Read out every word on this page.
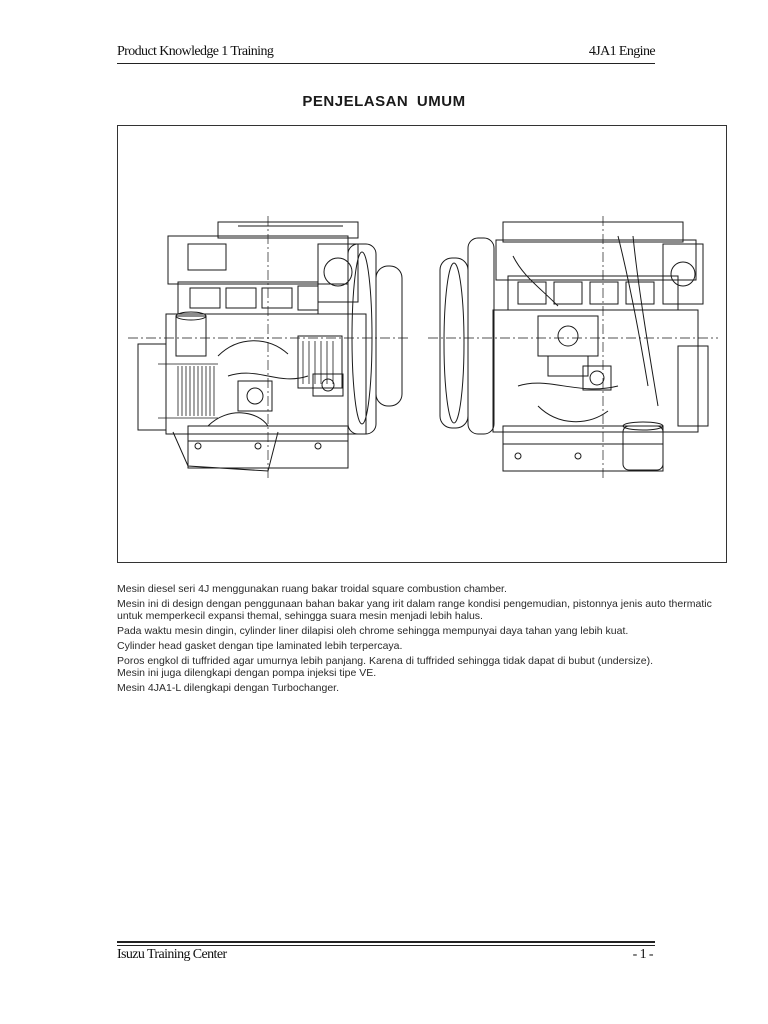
Product Knowledge 1 Training	4JA1 Engine
PENJELASAN UMUM

Mesin diesel seri 4J menggunakan ruang bakar troidal square combustion chamber.

Mesin ini di design dengan penggunaan bahan bakar yang irit dalam range kondisi pengemudian, pistonnya jenis auto thermatic untuk memperkecil expansi themal, sehingga suara mesin menjadi lebih halus.

Pada waktu mesin dingin, cylinder liner dilapisi oleh chrome sehingga mempunyai daya tahan yang lebih kuat.

Cylinder head gasket dengan tipe laminated lebih terpercaya.

Poros engkol di tuffrided agar umurnya lebih panjang. Karena di tuffrided sehingga tidak dapat di bubut (undersize).

Mesin ini juga dilengkapi dengan pompa injeksi tipe VE.

Mesin 4JA1-L dilengkapi dengan Turbochanger.

Isuzu Training Center	- 1 -
